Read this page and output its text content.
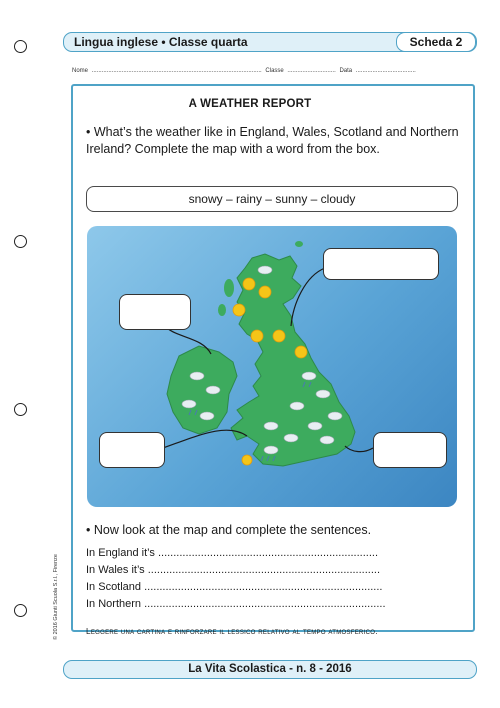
Lingua inglese • Classe quarta	Scheda 2
Nome ...................................................................................................... Classe ............................. Data ....................................
A WEATHER REPORT
• What’s the weather like in England, Wales, Scotland and Northern Ireland? Complete the map with a word from the box.
snowy – rainy – sunny – cloudy
• Now look at the map and complete the sentences.
In England it’s ........................................................................
In Wales it’s ............................................................................
In Scotland ..............................................................................
In Northern ...............................................................................
Leggere una cartina e rinforzare il lessico relativo al tempo atmosferico.
© 2016 Giunti Scuola S.r.l., Firenze
La Vita Scolastica - n. 8 - 2016
